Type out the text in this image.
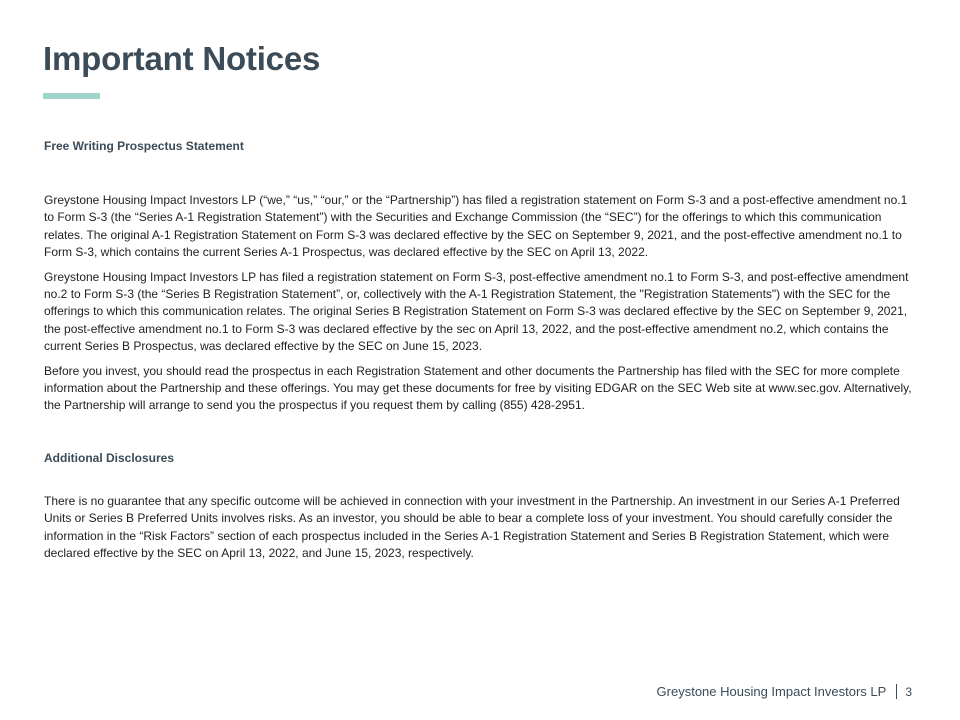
Important Notices
Free Writing Prospectus Statement

Greystone Housing Impact Investors LP (“we,” “us,” “our,” or the “Partnership”) has filed a registration statement on Form S-3 and a post-effective amendment no.1 to Form S-3 (the “Series A-1 Registration Statement”) with the Securities and Exchange Commission (the “SEC”) for the offerings to which this communication relates. The original A-1 Registration Statement on Form S-3 was declared effective by the SEC on September 9, 2021, and the post-effective amendment no.1 to Form S-3, which contains the current Series A-1 Prospectus, was declared effective by the SEC on April 13, 2022.

Greystone Housing Impact Investors LP has filed a registration statement on Form S-3, post-effective amendment no.1 to Form S-3, and post-effective amendment no.2 to Form S-3 (the “Series B Registration Statement”, or, collectively with the A-1 Registration Statement, the "Registration Statements") with the SEC for the offerings to which this communication relates. The original Series B Registration Statement on Form S-3 was declared effective by the SEC on September 9, 2021, the post-effective amendment no.1 to Form S-3 was declared effective by the sec on April 13, 2022, and the post-effective amendment no.2, which contains the current Series B Prospectus, was declared effective by the SEC on June 15, 2023.

Before you invest, you should read the prospectus in each Registration Statement and other documents the Partnership has filed with the SEC for more complete information about the Partnership and these offerings. You may get these documents for free by visiting EDGAR on the SEC Web site at www.sec.gov. Alternatively, the Partnership will arrange to send you the prospectus if you request them by calling (855) 428-2951.

Additional Disclosures

There is no guarantee that any specific outcome will be achieved in connection with your investment in the Partnership. An investment in our Series A-1 Preferred Units or Series B Preferred Units involves risks. As an investor, you should be able to bear a complete loss of your investment. You should carefully consider the information in the “Risk Factors” section of each prospectus included in the Series A-1 Registration Statement and Series B Registration Statement, which were declared effective by the SEC on April 13, 2022, and June 15, 2023, respectively.

Greystone Housing Impact Investors LP 3
